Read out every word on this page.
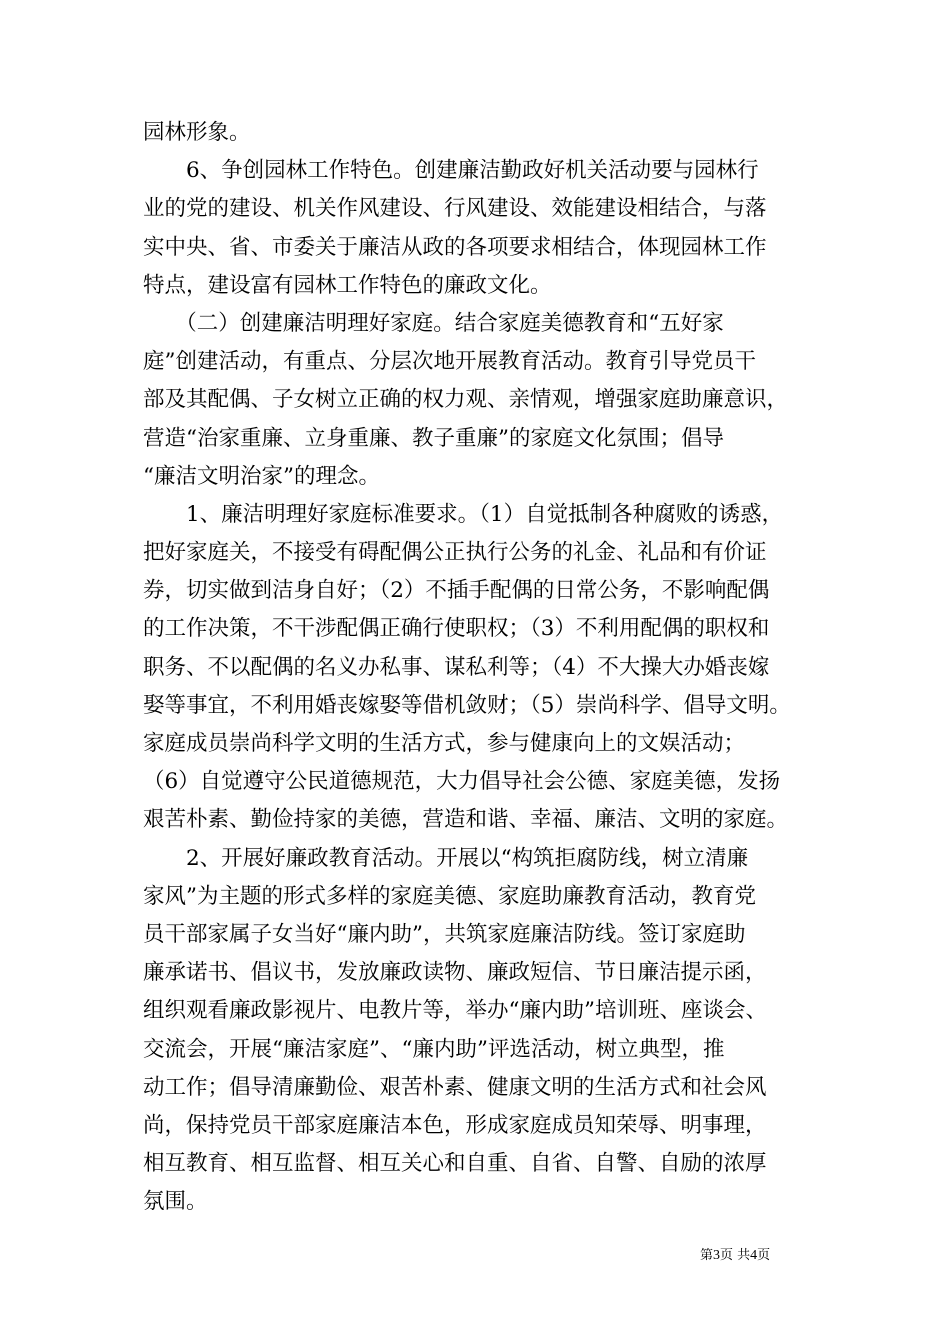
园林形象。
　　6、争创园林工作特色。创建廉洁勤政好机关活动要与园林行
业的党的建设、机关作风建设、行风建设、效能建设相结合，与落
实中央、省、市委关于廉洁从政的各项要求相结合，体现园林工作
特点，建设富有园林工作特色的廉政文化。
　　（二）创建廉洁明理好家庭。结合家庭美德教育和“五好家
庭”创建活动，有重点、分层次地开展教育活动。教育引导党员干
部及其配偶、子女树立正确的权力观、亲情观，增强家庭助廉意识，
营造“治家重廉、立身重廉、教子重廉”的家庭文化氛围；倡导
“廉洁文明治家”的理念。
　　1、廉洁明理好家庭标准要求。（1）自觉抵制各种腐败的诱惑，
把好家庭关，不接受有碍配偶公正执行公务的礼金、礼品和有价证
券，切实做到洁身自好；（2）不插手配偶的日常公务，不影响配偶
的工作决策，不干涉配偶正确行使职权；（3）不利用配偶的职权和
职务、不以配偶的名义办私事、谋私利等；（4）不大操大办婚丧嫁
娶等事宜，不利用婚丧嫁娶等借机敛财；（5）崇尚科学、倡导文明。
家庭成员崇尚科学文明的生活方式，参与健康向上的文娱活动；
（6）自觉遵守公民道德规范，大力倡导社会公德、家庭美德，发扬
艰苦朴素、勤俭持家的美德，营造和谐、幸福、廉洁、文明的家庭。
　　2、开展好廉政教育活动。开展以“构筑拒腐防线，树立清廉
家风”为主题的形式多样的家庭美德、家庭助廉教育活动，教育党
员干部家属子女当好“廉内助”，共筑家庭廉洁防线。签订家庭助
廉承诺书、倡议书，发放廉政读物、廉政短信、节日廉洁提示函，
组织观看廉政影视片、电教片等，举办“廉内助”培训班、座谈会、
交流会，开展“廉洁家庭”、“廉内助”评选活动，树立典型，推
动工作；倡导清廉勤俭、艰苦朴素、健康文明的生活方式和社会风
尚，保持党员干部家庭廉洁本色，形成家庭成员知荣辱、明事理，
相互教育、相互监督、相互关心和自重、自省、自警、自励的浓厚
氛围。
第3页 共4页
